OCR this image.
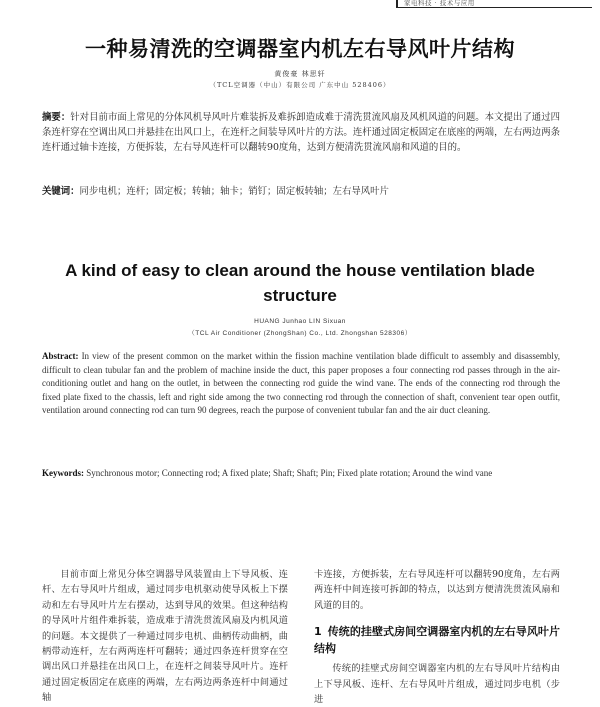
家电科技 · 技术与应用
一种易清洗的空调器室内机左右导风叶片结构
黄俊豪 林思轩
（TCL空调器（中山）有限公司 广东中山 528406）
摘要：针对目前市面上常见的分体风机导风叶片难装拆及难拆卸造成难于清洗贯流风扇及风机风道的问题。本文提出了通过四条连杆穿在空调出风口并悬挂在出风口上，在连杆之间装导风叶片的方法。连杆通过固定板固定在底座的两端，左右两边两条连杆通过轴卡连接，方便拆装，左右导风连杆可以翻转90度角，达到方便清洗贯流风扇和风道的目的。
关键词：同步电机；连杆；固定板；转轴；轴卡；销钉；固定板转轴；左右导风叶片
A kind of easy to clean around the house ventilation blade structure
HUANG Junhao LIN Sixuan
（TCL Air Conditioner (ZhongShan) Co., Ltd. Zhongshan 528306）
Abstract: In view of the present common on the market within the fission machine ventilation blade difficult to assembly and disassembly, difficult to clean tubular fan and the problem of machine inside the duct, this paper proposes a four connecting rod passes through in the air-conditioning outlet and hang on the outlet, in between the connecting rod guide the wind vane. The ends of the connecting rod through the fixed plate fixed to the chassis, left and right side among the two connecting rod through the connection of shaft, convenient tear open outfit, ventilation around connecting rod can turn 90 degrees, reach the purpose of convenient tubular fan and the air duct cleaning.
Keywords: Synchronous motor; Connecting rod; A fixed plate; Shaft; Shaft; Pin; Fixed plate rotation; Around the wind vane

目前市面上常见分体空调器导风装置由上下导风板、连杆、左右导风叶片组成，通过同步电机驱动使导风板上下摆动和左右导风叶片左右摆动，达到导风的效果。但这种结构的导风叶片组件难拆装，造成难于清洗贯流风扇及内机风道的问题。本文提供了一种通过同步电机、曲柄传动曲柄，曲柄带动连杆，左右两两连杆可翻转；通过四条连杆贯穿在空调出风口并悬挂在出风口上，在连杆之间装导风叶片。连杆通过固定板固定在底座的两端，左右两边两条连杆中间通过轴

卡连接，方便拆装，左右导风连杆可以翻转90度角，左右两两连杆中间连接可拆卸的特点，以达到方便清洗贯流风扇和风道的目的。

1 传统的挂壁式房间空调器室内机的左右导风叶片结构

传统的挂壁式房间空调器室内机的左右导风叶片结构由上下导风板、连杆、左右导风叶片组成，通过同步电机（步进
